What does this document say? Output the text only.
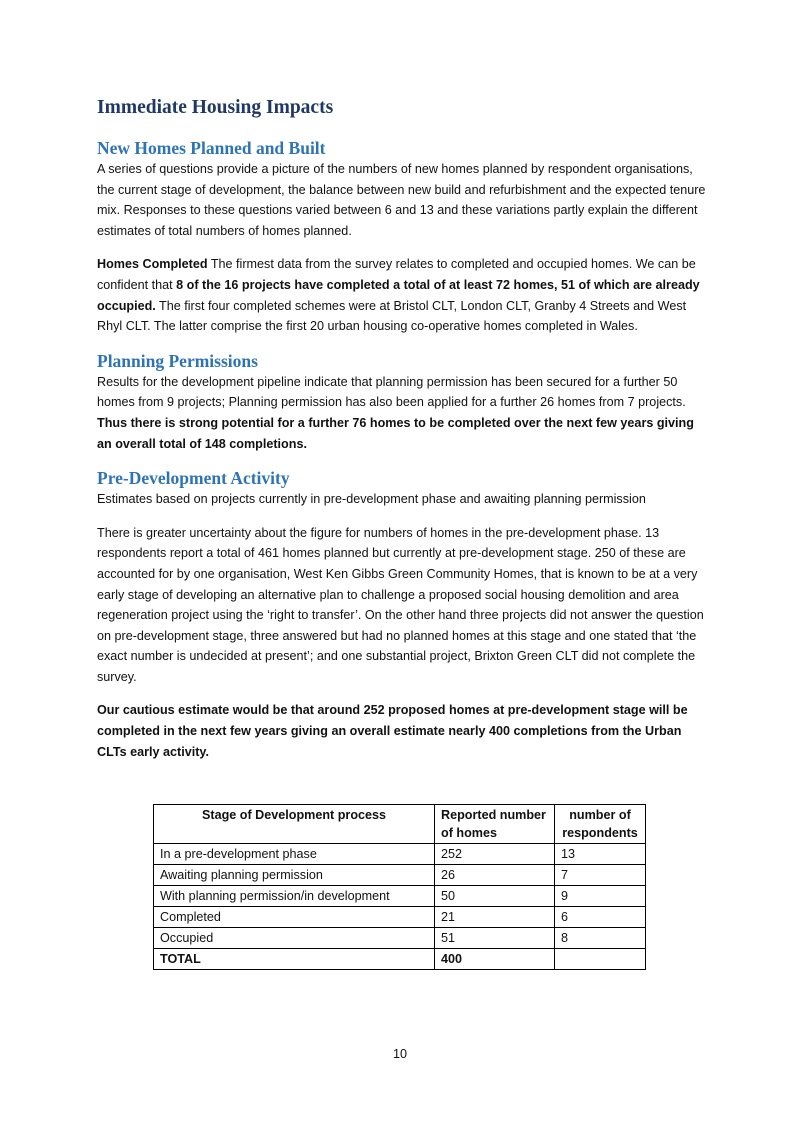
Immediate Housing Impacts
New Homes Planned and Built

A series of questions provide a picture of the numbers of new homes planned by respondent organisations, the current stage of development, the balance between new build and refurbishment and the expected tenure mix. Responses to these questions varied between 6 and 13 and these variations partly explain the different estimates of total numbers of homes planned.

Homes Completed The firmest data from the survey relates to completed and occupied homes. We can be confident that 8 of the 16 projects have completed a total of at least 72 homes, 51 of which are already occupied. The first four completed schemes were at Bristol CLT, London CLT, Granby 4 Streets and West Rhyl CLT. The latter comprise the first 20 urban housing co-operative homes completed in Wales.

Planning Permissions

Results for the development pipeline indicate that planning permission has been secured for a further 50 homes from 9 projects; Planning permission has also been applied for a further 26 homes from 7 projects. Thus there is strong potential for a further 76 homes to be completed over the next few years giving an overall total of 148 completions.

Pre-Development Activity

Estimates based on projects currently in pre-development phase and awaiting planning permission

There is greater uncertainty about the figure for numbers of homes in the pre-development phase. 13 respondents report a total of 461 homes planned but currently at pre-development stage. 250 of these are accounted for by one organisation, West Ken Gibbs Green Community Homes, that is known to be at a very early stage of developing an alternative plan to challenge a proposed social housing demolition and area regeneration project using the ‘right to transfer’. On the other hand three projects did not answer the question on pre-development stage, three answered but had no planned homes at this stage and one stated that ‘the exact number is undecided at present’; and one substantial project, Brixton Green CLT did not complete the survey.

Our cautious estimate would be that around 252 proposed homes at pre-development stage will be completed in the next few years giving an overall estimate nearly 400 completions from the Urban CLTs early activity.

Stage of Development process	Reported number of homes	number of respondents
In a pre-development phase	252	13
Awaiting planning permission	26	7
With planning permission/in development	50	9
Completed	21	6
Occupied	51	8
TOTAL	400	
10
